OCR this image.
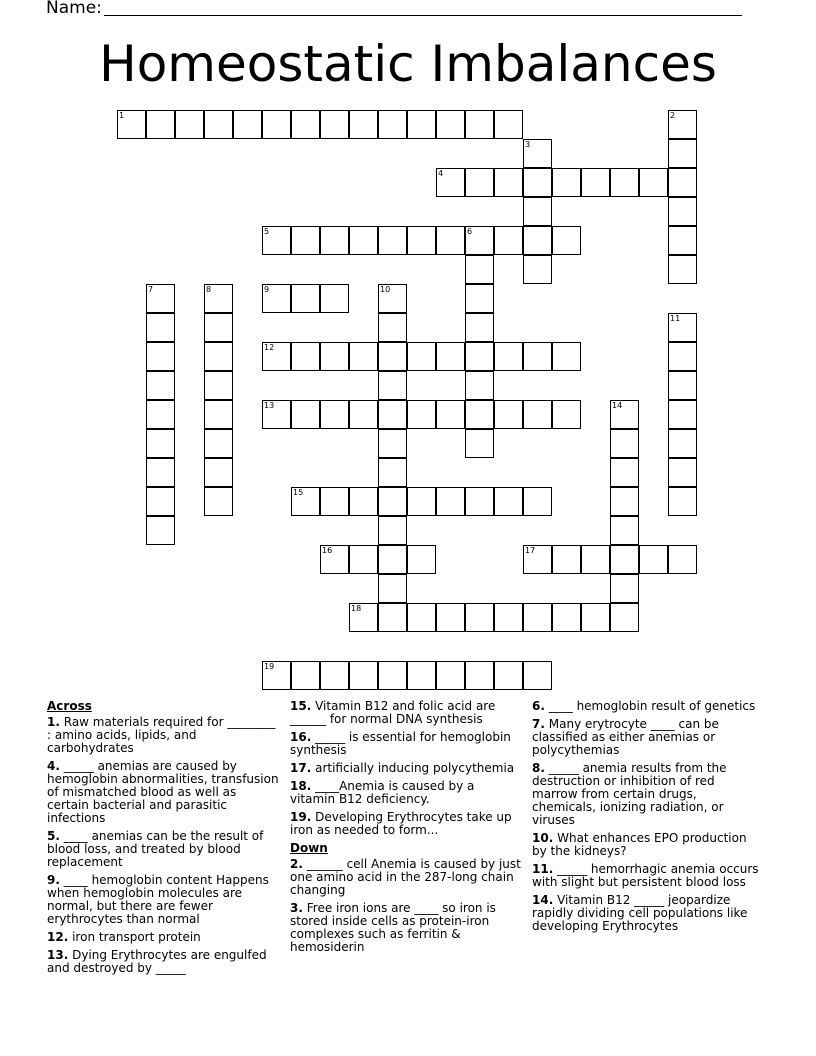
Name:
Homeostatic Imbalances
1	2
3
4
5	6
7	8	9	10
11
12
13	14
15
16	17
18
19
Across
1. Raw materials required for ________ : amino acids, lipids, and carbohydrates
4. _____ anemias are caused by hemoglobin abnormalities, transfusion of mismatched blood as well as certain bacterial and parasitic infections
5. ____ anemias can be the result of blood loss, and treated by blood replacement
9. ____ hemoglobin content Happens when hemoglobin molecules are normal, but there are fewer erythrocytes than normal
12. iron transport protein
13. Dying Erythrocytes are engulfed and destroyed by _____
15. Vitamin B12 and folic acid are ______ for normal DNA synthesis
16. _____ is essential for hemoglobin synthesis
17. artificially inducing polycythemia
18. ____Anemia is caused by a vitamin B12 deficiency.
19. Developing Erythrocytes take up iron as needed to form...
Down
2. ______ cell Anemia is caused by just one amino acid in the 287-long chain changing
3. Free iron ions are ____ so iron is stored inside cells as protein-iron complexes such as ferritin & hemosiderin
6. ____ hemoglobin result of genetics
7. Many erytrocyte ____ can be classified as either anemias or polycythemias
8. _____ anemia results from the destruction or inhibition of red marrow from certain drugs, chemicals, ionizing radiation, or viruses
10. What enhances EPO production by the kidneys?
11. _____ hemorrhagic anemia occurs with slight but persistent blood loss
14. Vitamin B12 _____ jeopardize rapidly dividing cell populations like developing Erythrocytes
